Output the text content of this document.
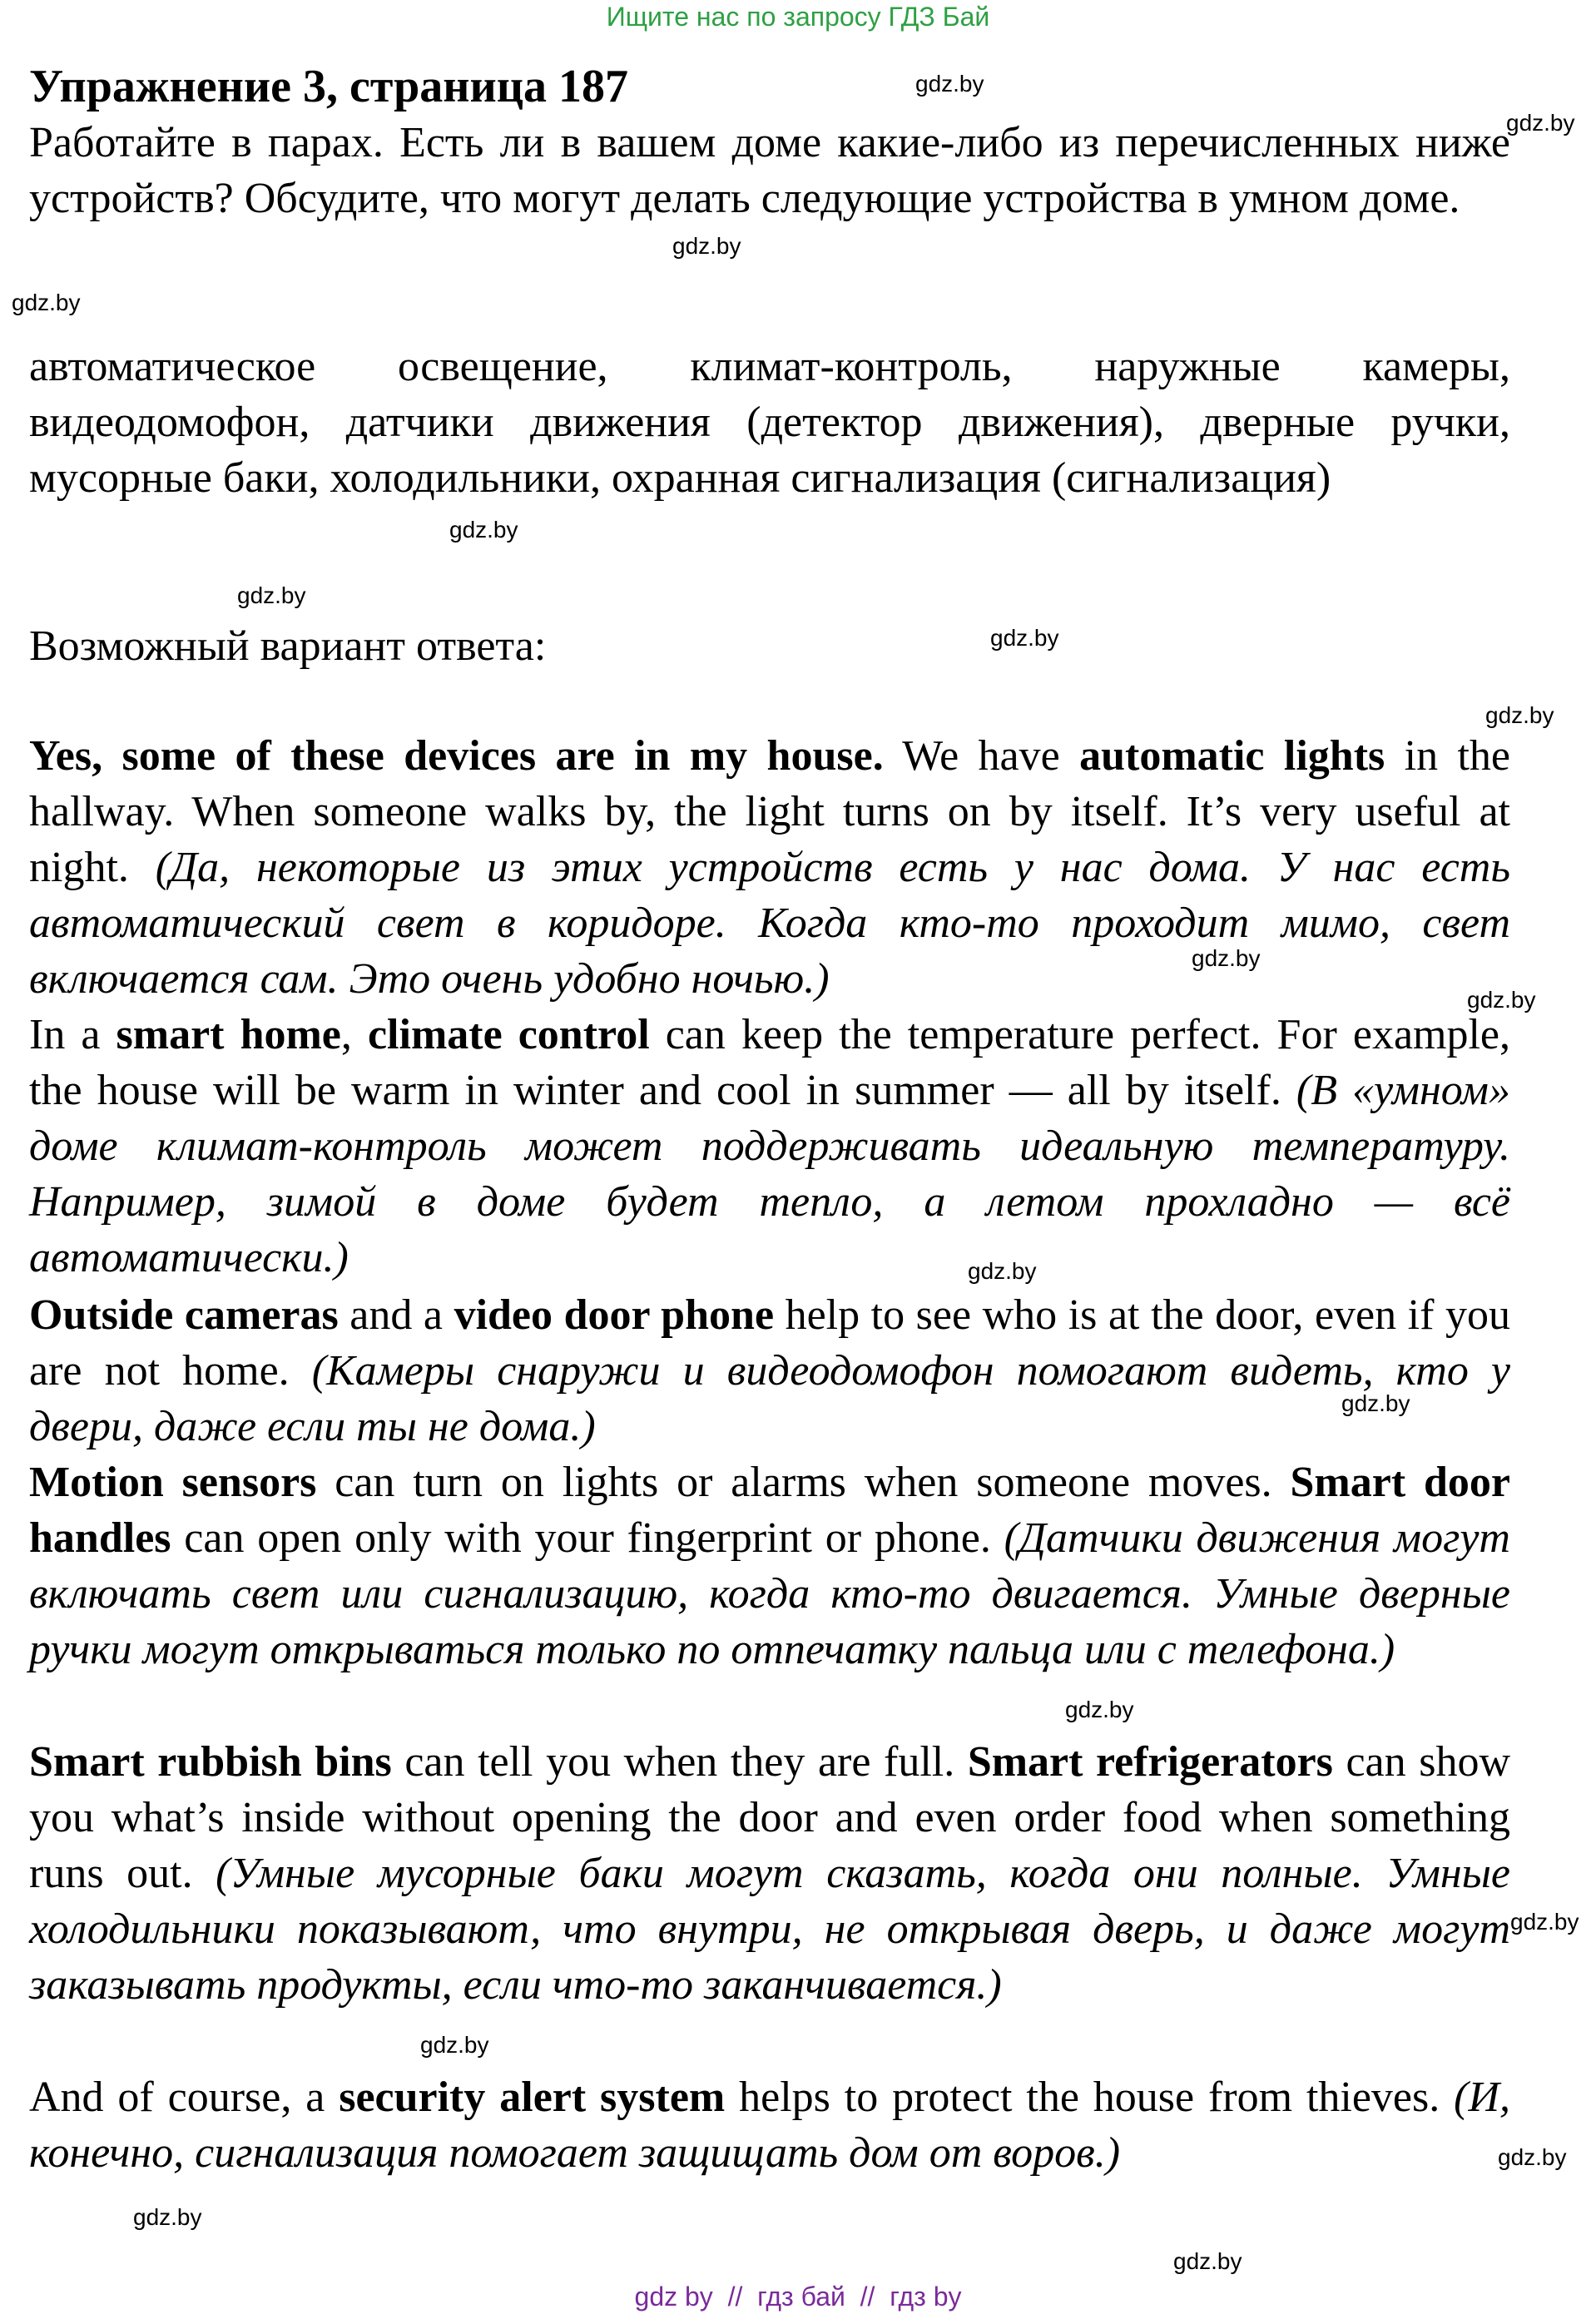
Ищите нас по запросу ГДЗ Бай
Упражнение 3, страница 187
Работайте в парах. Есть ли в вашем доме какие-либо из перечисленных ниже устройств? Обсудите, что могут делать следующие устройства в умном доме.
автоматическое освещение, климат-контроль, наружные камеры, видеодомофон, датчики движения (детектор движения), дверные ручки, мусорные баки, холодильники, охранная сигнализация (сигнализация)
Возможный вариант ответа:
Yes, some of these devices are in my house. We have automatic lights in the hallway. When someone walks by, the light turns on by itself. It’s very useful at night. (Да, некоторые из этих устройств есть у нас дома. У нас есть автоматический свет в коридоре. Когда кто-то проходит мимо, свет включается сам. Это очень удобно ночью.)
In a smart home, climate control can keep the temperature perfect. For example, the house will be warm in winter and cool in summer — all by itself. (В «умном» доме климат-контроль может поддерживать идеальную температуру. Например, зимой в доме будет тепло, а летом прохладно — всё автоматически.)
Outside cameras and a video door phone help to see who is at the door, even if you are not home. (Камеры снаружи и видеодомофон помогают видеть, кто у двери, даже если ты не дома.)
Motion sensors can turn on lights or alarms when someone moves. Smart door handles can open only with your fingerprint or phone. (Датчики движения могут включать свет или сигнализацию, когда кто-то двигается. Умные дверные ручки могут открываться только по отпечатку пальца или с телефона.)
Smart rubbish bins can tell you when they are full. Smart refrigerators can show you what’s inside without opening the door and even order food when something runs out. (Умные мусорные баки могут сказать, когда они полные. Умные холодильники показывают, что внутри, не открывая дверь, и даже могут заказывать продукты, если что-то заканчивается.)
And of course, a security alert system helps to protect the house from thieves. (И, конечно, сигнализация помогает защищать дом от воров.)
gdz.by
gdz.by
gdz.by
gdz.by
gdz.by
gdz.by
gdz.by
gdz.by
gdz.by
gdz.by
gdz.by
gdz.by
gdz.by
gdz.by
gdz.by
gdz.by
gdz.by
gdz.by
gdz by  //  гдз бай  //  гдз by
